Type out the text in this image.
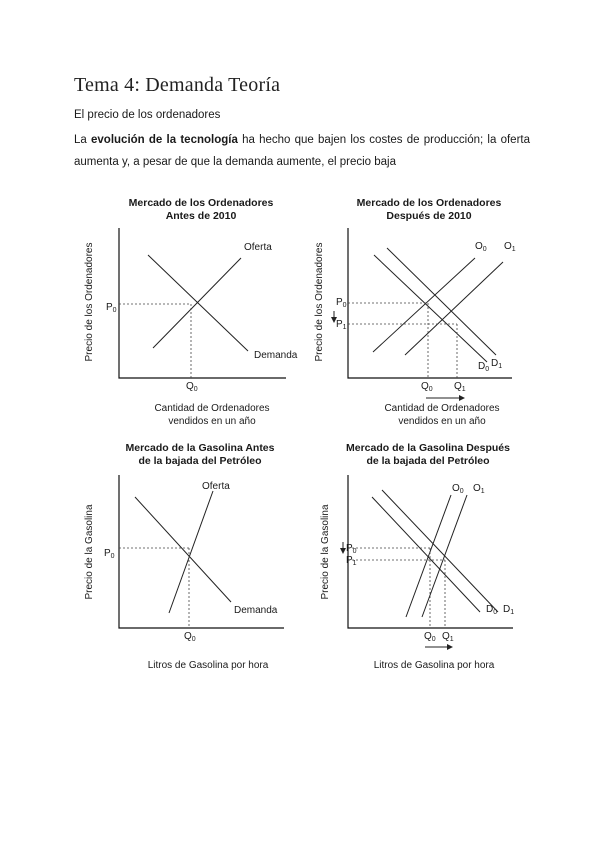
Tema 4: Demanda Teoría

El precio de los ordenadores

La evolución de la tecnología ha hecho que bajen los costes de producción; la oferta aumenta y, a pesar de que la demanda aumente, el precio baja

Mercado de los Ordenadores
Antes de 2010
Oferta
Demanda
$P_0$
$Q_0$
Precio de los Ordenadores
Cantidad de Ordenadores
vendidos en un año
Mercado de los Ordenadores
Después de 2010
$O_0$ $O_1$
$D_0$
$D_1$
$P_0$
$P_1$
$Q_0$ $Q_1$
Precio de los Ordenadores
Cantidad de Ordenadores
vendidos en un año
Mercado de la Gasolina Antes
de la bajada del Petróleo
Oferta
Demanda
$P_0$
$Q_0$
Precio de la Gasolina
Litros de Gasolina por hora
Mercado de la Gasolina Después
de la bajada del Petróleo
$O_0$ $O_1$
$D_0$ $D_1$
$P_0$
$P_1$
$Q_0$ $Q_1$
Precio de la Gasolina
Litros de Gasolina por hora
